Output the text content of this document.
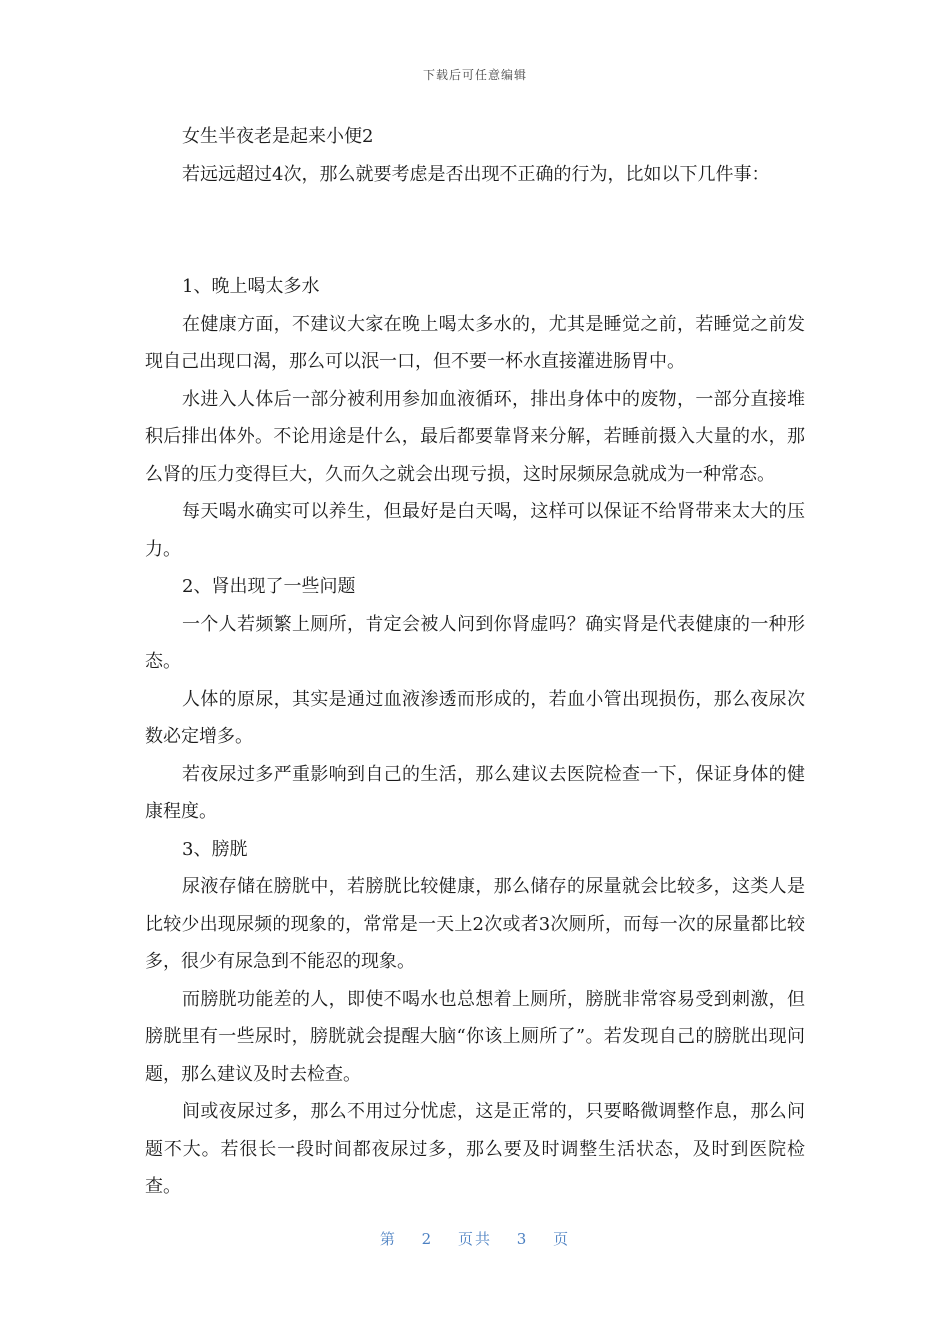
下载后可任意编辑

女生半夜老是起来小便2

若远远超过4次，那么就要考虑是否出现不正确的行为，比如以下几件事：

1、晚上喝太多水

在健康方面，不建议大家在晚上喝太多水的，尤其是睡觉之前，若睡觉之前发现自己出现口渴，那么可以泯一口，但不要一杯水直接灌进肠胃中。

水进入人体后一部分被利用参加血液循环，排出身体中的废物，一部分直接堆积后排出体外。不论用途是什么，最后都要靠肾来分解，若睡前摄入大量的水，那么肾的压力变得巨大，久而久之就会出现亏损，这时尿频尿急就成为一种常态。

每天喝水确实可以养生，但最好是白天喝，这样可以保证不给肾带来太大的压力。

2、肾出现了一些问题

一个人若频繁上厕所，肯定会被人问到你肾虚吗？确实肾是代表健康的一种形态。

人体的原尿，其实是通过血液渗透而形成的，若血小管出现损伤，那么夜尿次数必定增多。

若夜尿过多严重影响到自己的生活，那么建议去医院检查一下，保证身体的健康程度。

3、膀胱

尿液存储在膀胱中，若膀胱比较健康，那么储存的尿量就会比较多，这类人是比较少出现尿频的现象的，常常是一天上2次或者3次厕所，而每一次的尿量都比较多，很少有尿急到不能忍的现象。

而膀胱功能差的人，即使不喝水也总想着上厕所，膀胱非常容易受到刺激，但膀胱里有一些尿时，膀胱就会提醒大脑“你该上厕所了”。若发现自己的膀胱出现问题，那么建议及时去检查。

间或夜尿过多，那么不用过分忧虑，这是正常的，只要略微调整作息，那么问题不大。若很长一段时间都夜尿过多，那么要及时调整生活状态，及时到医院检查。

第 2 页共 3 页
